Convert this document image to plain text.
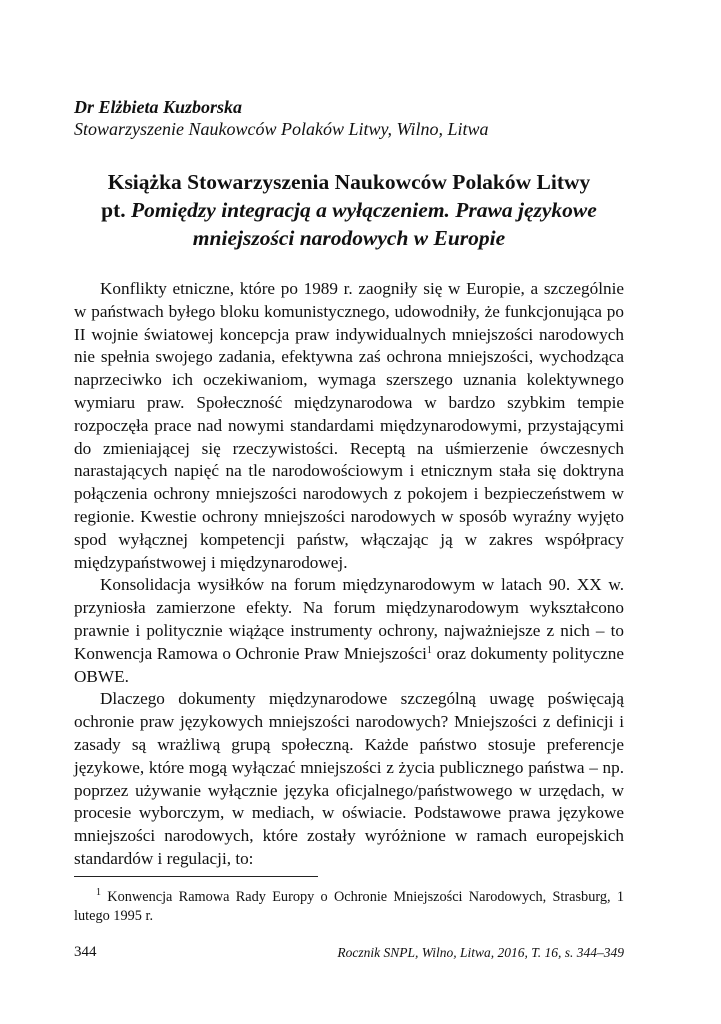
Dr Elżbieta Kuzborska

Stowarzyszenie Naukowców Polaków Litwy, Wilno, Litwa

Książka Stowarzyszenia Naukowców Polaków Litwy
pt. Pomiędzy integracją a wyłączeniem. Prawa językowe mniejszości narodowych w Europie

Konflikty etniczne, które po 1989 r. zaogniły się w Europie, a szczególnie w państwach byłego bloku komunistycznego, udowodniły, że funkcjonująca po II wojnie światowej koncepcja praw indywidualnych mniejszości narodowych nie spełnia swojego zadania, efektywna zaś ochrona mniejszości, wychodząca naprzeciwko ich oczekiwaniom, wymaga szerszego uznania kolektywnego wymiaru praw. Społeczność międzynarodowa w bardzo szybkim tempie rozpoczęła prace nad nowymi standardami międzynarodowymi, przystającymi do zmieniającej się rzeczywistości. Receptą na uśmierzenie ówczesnych narastających napięć na tle narodowościowym i etnicznym stała się doktryna połączenia ochrony mniejszości narodowych z pokojem i bezpieczeństwem w regionie. Kwestie ochrony mniejszości narodowych w sposób wyraźny wyjęto spod wyłącznej kompetencji państw, włączając ją w zakres współpracy międzypaństwowej i międzynarodowej.

Konsolidacja wysiłków na forum międzynarodowym w latach 90. XX w. przyniosła zamierzone efekty. Na forum międzynarodowym wykształcono prawnie i politycznie wiążące instrumenty ochrony, najważniejsze z nich – to Konwencja Ramowa o Ochronie Praw Mniejszości$^1$ oraz dokumenty polityczne OBWE.

Dlaczego dokumenty międzynarodowe szczególną uwagę poświęcają ochronie praw językowych mniejszości narodowych? Mniejszości z definicji i zasady są wrażliwą grupą społeczną. Każde państwo stosuje preferencje językowe, które mogą wyłączać mniejszości z życia publicznego państwa – np. poprzez używanie wyłącznie języka oficjalnego/państwowego w urzędach, w procesie wyborczym, w mediach, w oświacie. Podstawowe prawa językowe mniejszości narodowych, które zostały wyróżnione w ramach europejskich standardów i regulacji, to:

$^1$ Konwencja Ramowa Rady Europy o Ochronie Mniejszości Narodowych, Strasburg, 1 lutego 1995 r.

344	Rocznik SNPL, Wilno, Litwa, 2016, T. 16, s. 344–349
